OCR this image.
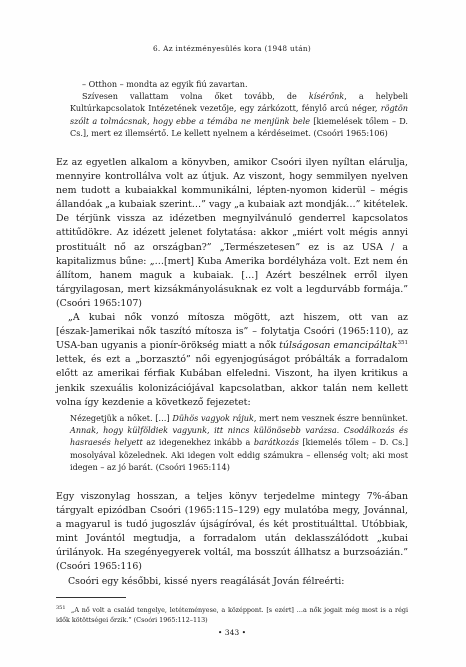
6. Az intézményesülés kora (1948 után)

– Otthon – mondta az egyik fiú zavartan.

Szívesen vallattam volna őket tovább, de kísérőnk, a helybeli Kultúrkapcsolatok Intézetének vezetője, egy zárkózott, fénylő arcú néger, rögtön szólt a tolmácsnak, hogy ebbe a témába ne menjünk bele [kiemelések tőlem – D. Cs.], mert ez illemsértő. Le kellett nyelnem a kérdéseimet. (Csoóri 1965:106)

Ez az egyetlen alkalom a könyvben, amikor Csoóri ilyen nyíltan elárulja, mennyire kontrollálva volt az útjuk. Az viszont, hogy semmilyen nyelven nem tudott a kubaiakkal kommunikálni, lépten-nyomon kiderül – mégis állandóak „a kubaiak szerint…” vagy „a kubaiak azt mondják…” kitételek. De térjünk vissza az idézetben megnyilvánuló genderrel kapcsolatos attitűdökre. Az idézett jelenet folytatása: akkor „miért volt mégis annyi prostituált nő az országban?” „Természetesen” ez is az USA / a kapitalizmus bűne: „…[mert] Kuba Amerika bordélyháza volt. Ezt nem én állítom, hanem maguk a kubaiak. […] Azért beszélnek erről ilyen tárgyilagosan, mert kizsákmányolásuknak ez volt a legdurvább formája.” (Csoóri 1965:107)

„A kubai nők vonzó mítosza mögött, azt hiszem, ott van az [észak-]amerikai nők taszító mítosza is” – folytatja Csoóri (1965:110), az USA-ban ugyanis a pionír-örökség miatt a nők túlságosan emancipáltak$^{351}$ lettek, és ezt a „borzasztó” női egyenjogúságot próbálták a forradalom előtt az amerikai férfiak Kubában elfeledni. Viszont, ha ilyen kritikus a jenkik szexuális kolonizációjával kapcsolatban, akkor talán nem kellett volna így kezdenie a következő fejezetet:

Nézegetjük a nőket. […] Dühös vagyok rájuk, mert nem vesznek észre bennünket. Annak, hogy külföldiek vagyunk, itt nincs különösebb varázsa. Csodálkozás és hasraesés helyett az idegenekhez inkább a barátkozás [kiemelés tőlem – D. Cs.] mosolyával közelednek. Aki idegen volt eddig számukra – ellenség volt; aki most idegen – az jó barát. (Csoóri 1965:114)

Egy viszonylag hosszan, a teljes könyv terjedelme mintegy 7%-ában tárgyalt epizódban Csoóri (1965:115–129) egy mulatóba megy, Jovánnal, a magyarul is tudó jugoszláv újságíróval, és két prostituálttal. Utóbbiak, mint Jovántól megtudja, a forradalom után deklasszálódott „kubai úrilányok. Ha szegényegyerek voltál, ma bosszút állhatsz a burzsoázián.” (Csoóri 1965:116)

Csoóri egy későbbi, kissé nyers reagálását Jován félreérti:

$^{351}$ „A nő volt a család tengelye, letéteményese, a középpont. [s ezért] …a nők jogait még most is a régi idők kötöttségei őrzik.” (Csoóri 1965:112–113)

• 343 •
